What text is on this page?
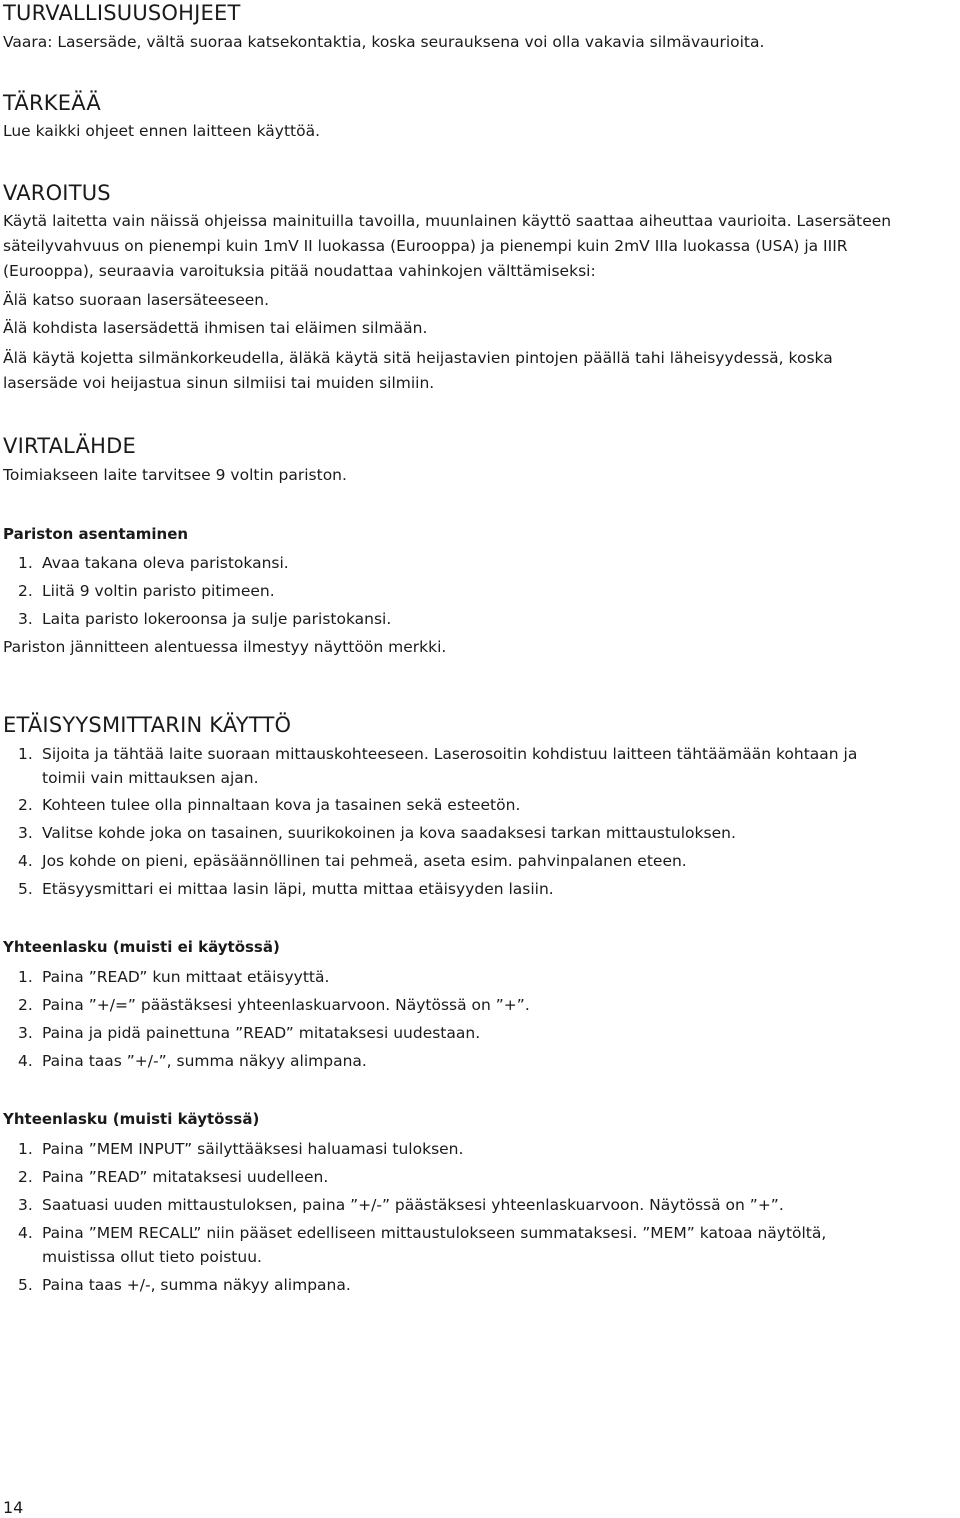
TURVALLISUUSOHJEET
Vaara: Lasersäde, vältä suoraa katsekontaktia, koska seurauksena voi olla vakavia silmävaurioita.
TÄRKEÄÄ
Lue kaikki ohjeet ennen laitteen käyttöä.
VAROITUS
Käytä laitetta vain näissä ohjeissa mainituilla tavoilla, muunlainen käyttö saattaa aiheuttaa vaurioita. Lasersäteen
säteilyvahvuus on pienempi kuin 1mV II luokassa (Eurooppa) ja pienempi kuin 2mV IIIa luokassa (USA) ja IIIR
(Eurooppa), seuraavia varoituksia pitää noudattaa vahinkojen välttämiseksi:
Älä katso suoraan lasersäteeseen.
Älä kohdista lasersädettä ihmisen tai eläimen silmään.
Älä käytä kojetta silmänkorkeudella, äläkä käytä sitä heijastavien pintojen päällä tahi läheisyydessä, koska
lasersäde voi heijastua sinun silmiisi tai muiden silmiin.
VIRTALÄHDE
Toimiakseen laite tarvitsee 9 voltin pariston.
Pariston asentaminen
1. Avaa takana oleva paristokansi.
2. Liitä 9 voltin paristo pitimeen.
3. Laita paristo lokeroonsa ja sulje paristokansi.
Pariston jännitteen alentuessa ilmestyy näyttöön merkki.
ETÄISYYSMITTARIN KÄYTTÖ
1. Sijoita ja tähtää laite suoraan mittauskohteeseen. Laserosoitin kohdistuu laitteen tähtäämään kohtaan ja
toimii vain mittauksen ajan.
2. Kohteen tulee olla pinnaltaan kova ja tasainen sekä esteetön.
3. Valitse kohde joka on tasainen, suurikokoinen ja kova saadaksesi tarkan mittaustuloksen.
4. Jos kohde on pieni, epäsäännöllinen tai pehmeä, aseta esim. pahvinpalanen eteen.
5. Etäsyysmittari ei mittaa lasin läpi, mutta mittaa etäisyyden lasiin.
Yhteenlasku (muisti ei käytössä)
1. Paina ”READ” kun mittaat etäisyyttä.
2. Paina ”+/=” päästäksesi yhteenlaskuarvoon. Näytössä on ”+”.
3. Paina ja pidä painettuna ”READ” mitataksesi uudestaan.
4. Paina taas ”+/-”, summa näkyy alimpana.
Yhteenlasku (muisti käytössä)
1. Paina ”MEM INPUT” säilyttääksesi haluamasi tuloksen.
2. Paina ”READ” mitataksesi uudelleen.
3. Saatuasi uuden mittaustuloksen, paina ”+/-” päästäksesi yhteenlaskuarvoon. Näytössä on ”+”.
4. Paina ”MEM RECALL” niin pääset edelliseen mittaustulokseen summataksesi. ”MEM” katoaa näytöltä,
muistissa ollut tieto poistuu.
5. Paina taas +/-, summa näkyy alimpana.
14
